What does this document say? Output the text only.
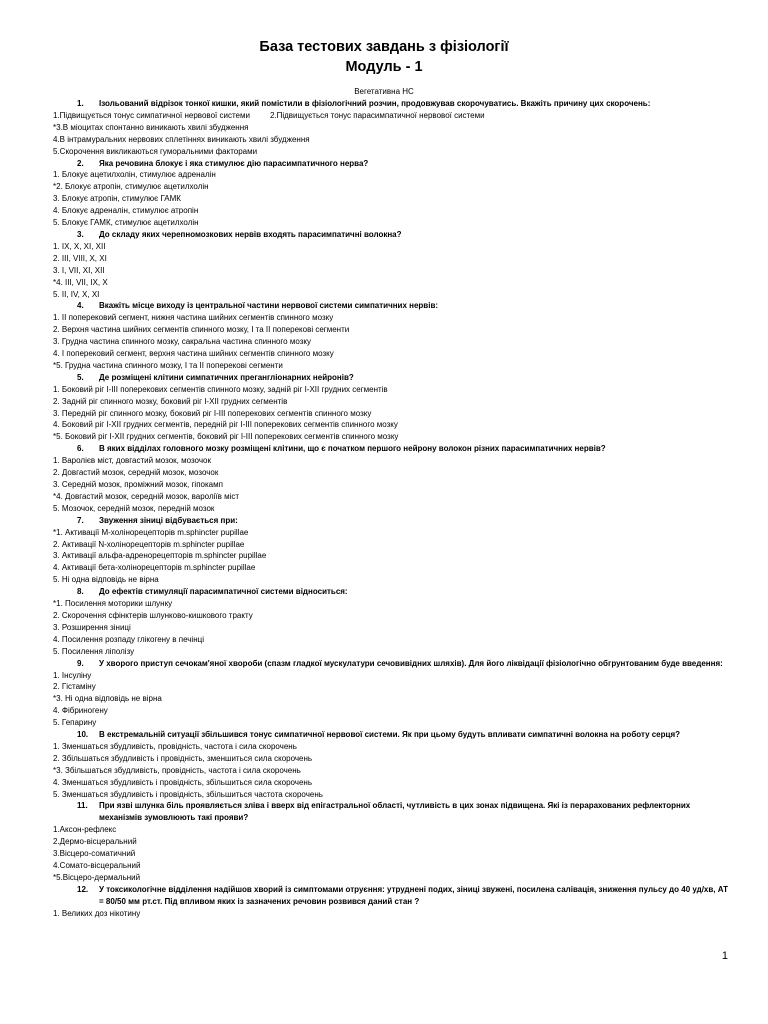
База тестових завдань з фізіології
Модуль - 1
Вегетативна НС
1. Ізольований відрізок тонкої кишки, який помістили в фізіологічний розчин, продовжував скорочуватись. Вкажіть причину цих скорочень:
1.Підвищується тонус симпатичної нервової системи	2.Підвищується тонус парасимпатичної нервової системи
*3.В міоцитах спонтанно виникають хвилі збудження
4.В інтрамуральних нервових сплетіннях виникають хвилі збудження
5.Скорочення викликаються гуморальними факторами
2. Яка речовина блокує і яка стимулює дію парасимпатичного нерва?
1. Блокує ацетилхолін, стимулює адреналін
*2. Блокує атропін, стимулює ацетилхолін
3. Блокує атропін, стимулює ГАМК
4. Блокує адреналін, стимулює атропін
5. Блокує ГАМК, стимулює ацетилхолін
3. До складу яких черепномозкових нервів входять парасимпатичні волокна?
1. IX, X, XI, XII
2. III, VIII, X, XI
3. I, VII, XI, XII
*4. III, VII, IX, X
5. II, IV, X, XI
4. Вкажіть місце виходу із центральної частини нервової системи симпатичних нервів:
1. II поперековий сегмент, нижня частина шийних сегментів спинного мозку
2. Верхня частина шийних сегментів спинного мозку, I та II поперекові сегменти
3. Грудна частина спинного мозку, сакральна частина спинного мозку
4. I поперековий сегмент, верхня частина шийних сегментів спинного мозку
*5. Грудна частина спинного мозку, I та II поперекові сегменти
5. Де розміщені клітини симпатичних прегангліонарних нейронів?
1. Боковий ріг I-III поперекових сегментів спинного мозку, задній ріг I-XII грудних сегментів
2. Задній ріг спинного мозку, боковий ріг I-XII грудних сегментів
3. Передній ріг спинного мозку, боковий ріг I-III поперекових сегментів спинного мозку
4. Боковий ріг I-XII грудних сегментів, передній ріг I-III поперекових сегментів спинного мозку
*5. Боковий ріг I-XII грудних сегментів, боковий ріг I-III поперекових сегментів спинного мозку
6. В яких відділах головного мозку розміщені клітини, що є початком першого нейрону волокон різних парасимпатичних нервів?
1. Варолієв міст, довгастий мозок, мозочок
2. Довгастий мозок, середній мозок, мозочок
3. Середній мозок, проміжний мозок, гіпокамп
*4. Довгастий мозок, середній мозок, вароліїв міст
5. Мозочок, середній мозок, передній мозок
7. Звуження зіниці відбувається при:
*1. Активації М-холінорецепторів m.sphincter pupillae
2. Активації N-холінорецепторів m.sphincter pupillae
3. Активації альфа-адренорецепторів m.sphincter pupillae
4. Активації бета-холінорецепторів m.sphincter pupillae
5. Ні одна відповідь не вірна
8. До ефектів стимуляції парасимпатичної системи відноситься:
*1. Посилення моторики шлунку
2. Скорочення сфінктерів шлунково-кишкового тракту
3. Розширення зіниці
4. Посилення розпаду глікогену в печінці
5. Посилення ліполізу
9. У хворого приступ сечокам'яної хвороби (спазм гладкої мускулатури сечовивідних шляхів). Для його ліквідації фізіологічно обгрунтованим буде введення:
1. Інсуліну
2. Гістаміну
*3. Ні одна відповідь не вірна
4. Фібриногену
5. Гепарину
10. В екстремальній ситуації збільшився тонус симпатичної нервової системи. Як при цьому будуть впливати симпатичні волокна на роботу серця?
1. Зменшаться збудливість, провідність, частота і сила скорочень
2. Збільшаться збудливість і провідність, зменшиться сила скорочень
*3. Збільшаться збудливість, провідність, частота і сила скорочень
4. Зменшаться збудливість і провідність, збільшиться сила скорочень
5. Зменшаться збудливість і провідність, збільшиться частота скорочень
11. При язві шлунка біль проявляється зліва і вверх від епігастральної області, чутливість в цих зонах підвищена. Які із перарахованих рефлекторних механізмів зумовлюють такі прояви?
1.Аксон-рефлекс
2.Дермо-вісцеральний
3.Вісцеро-соматичний
4.Сомато-вісцеральний
*5.Вісцеро-дермальний
12. У токсикологічне відділення надійшов хворий із симптомами отруєння: утруднені подих, зіниці звужені, посилена салівація, зниження пульсу до 40 уд/хв, АТ = 80/50 мм рт.ст. Під впливом яких із зазначених речовин розвився даний стан ?
1. Великих доз нікотину
1
